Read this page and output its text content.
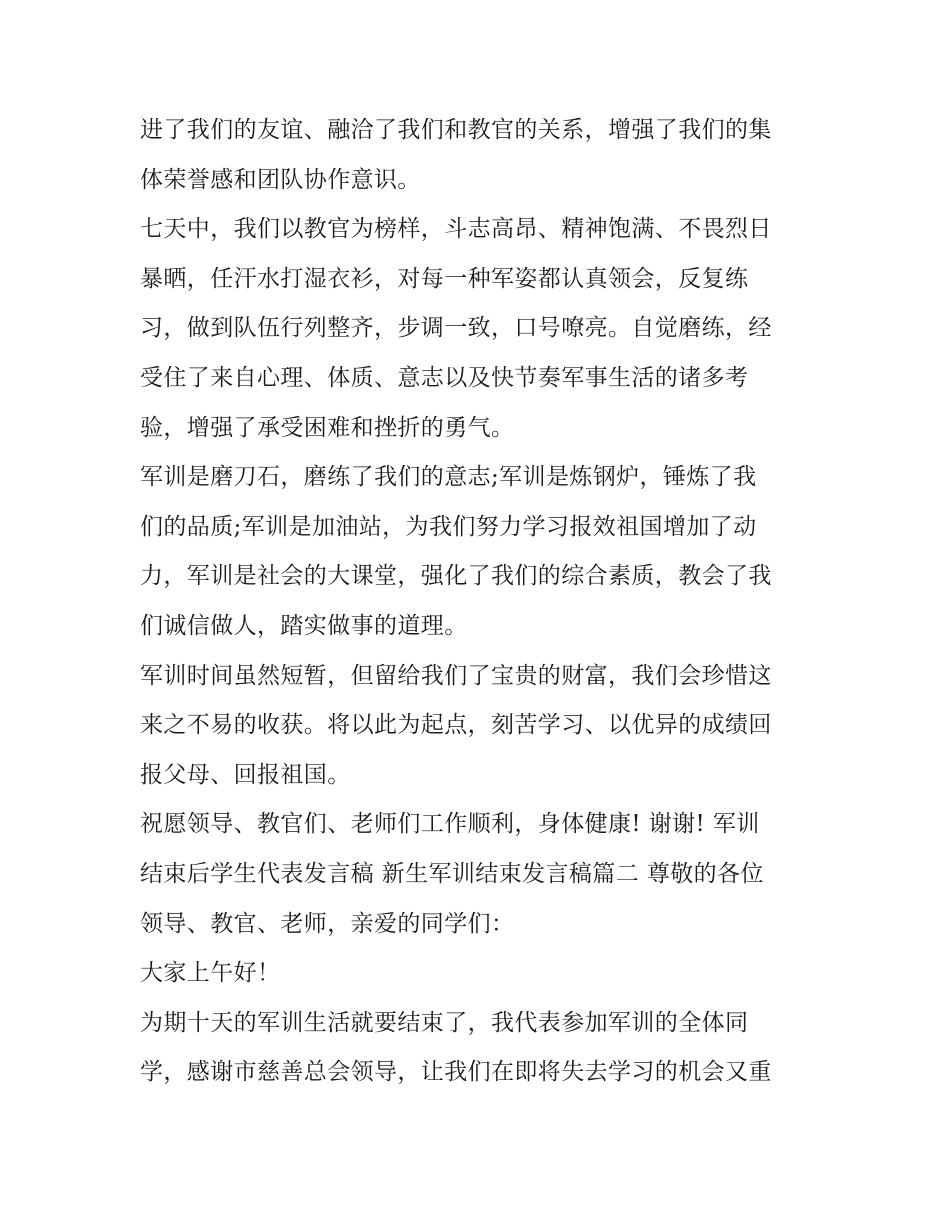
进了我们的友谊、融洽了我们和教官的关系，增强了我们的集
体荣誉感和团队协作意识。
七天中，我们以教官为榜样，斗志高昂、精神饱满、不畏烈日
暴晒，任汗水打湿衣衫，对每一种军姿都认真领会，反复练
习，做到队伍行列整齐，步调一致，口号嘹亮。自觉磨练，经
受住了来自心理、体质、意志以及快节奏军事生活的诸多考
验，增强了承受困难和挫折的勇气。
军训是磨刀石，磨练了我们的意志;军训是炼钢炉，锤炼了我
们的品质;军训是加油站，为我们努力学习报效祖国增加了动
力，军训是社会的大课堂，强化了我们的综合素质，教会了我
们诚信做人，踏实做事的道理。
军训时间虽然短暂，但留给我们了宝贵的财富，我们会珍惜这
来之不易的收获。将以此为起点，刻苦学习、以优异的成绩回
报父母、回报祖国。
祝愿领导、教官们、老师们工作顺利，身体健康! 谢谢! 军训
结束后学生代表发言稿 新生军训结束发言稿篇二 尊敬的各位
领导、教官、老师，亲爱的同学们：
大家上午好！
为期十天的军训生活就要结束了，我代表参加军训的全体同
学，感谢市慈善总会领导，让我们在即将失去学习的机会又重
